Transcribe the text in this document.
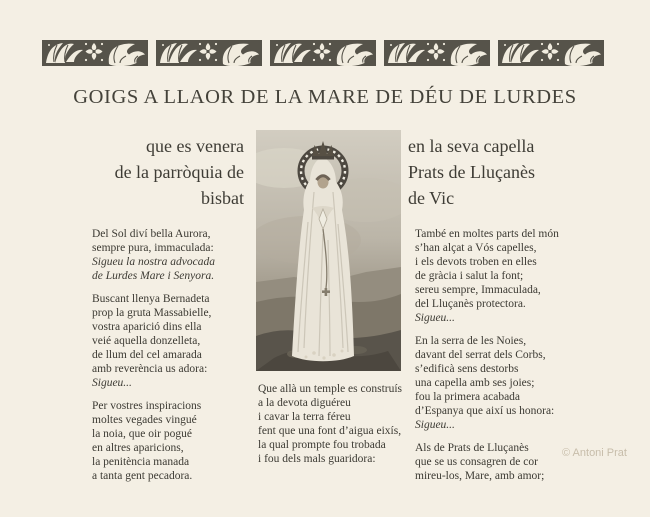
GOIGS A LLAOR DE LA MARE DE DÉU DE LURDES
que es venera
de la parròquia de
bisbat
en la seva capella
Prats de Lluçanès
de Vic
Del Sol diví bella Aurora,
sempre pura, immaculada:
Sigueu la nostra advocada
de Lurdes Mare i Senyora.
Buscant llenya Bernadeta
prop la gruta Massabielle,
vostra aparició dins ella
veié aquella donzelleta,
de llum del cel amarada
amb reverència us adora:
Sigueu...
Per vostres inspiracions
moltes vegades vingué
la noia, que oir pogué
en altres aparicions,
la penitència manada
a tanta gent pecadora.
Que allà un temple es construís
a la devota diguéreu
i cavar la terra féreu
fent que una font d’aigua eixís,
la qual prompte fou trobada
i fou dels mals guaridora:
També en moltes parts del món
s’han alçat a Vós capelles,
i els devots troben en elles
de gràcia i salut la font;
sereu sempre, Immaculada,
del Lluçanès protectora.
Sigueu...
En la serra de les Noies,
davant del serrat dels Corbs,
s’edificà sens destorbs
una capella amb ses joies;
fou la primera acabada
d’Espanya que així us honora:
Sigueu...
Als de Prats de Lluçanès
que se us consagren de cor
mireu-los, Mare, amb amor;
© Antoni Prat
